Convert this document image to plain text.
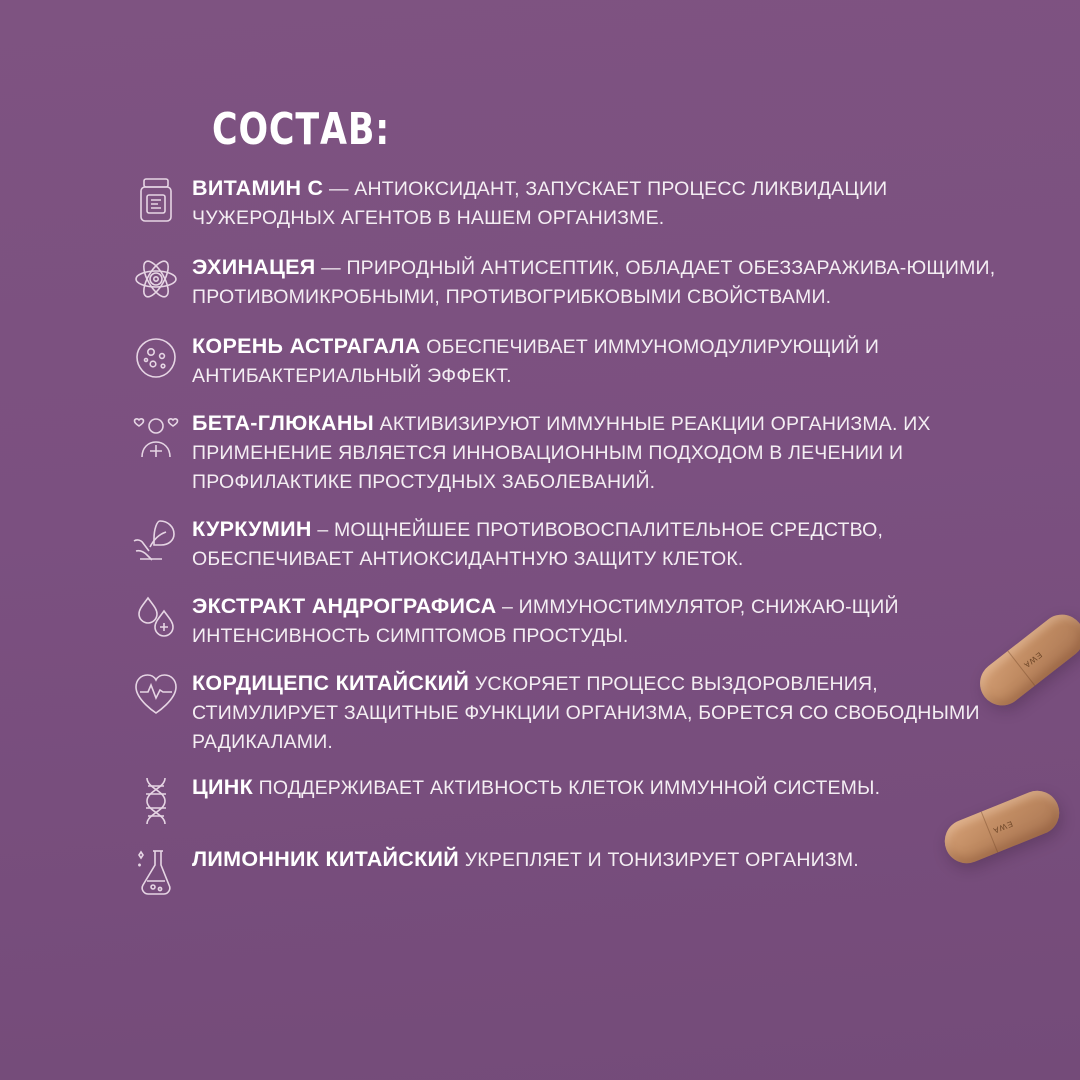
СОСТАВ:
ВИТАМИН С — АНТИОКСИДАНТ, ЗАПУСКАЕТ ПРОЦЕСС ЛИКВИДАЦИИ ЧУЖЕРОДНЫХ АГЕНТОВ В НАШЕМ ОРГАНИЗМЕ.
ЭХИНАЦЕЯ — ПРИРОДНЫЙ АНТИСЕПТИК, ОБЛАДАЕТ ОБЕЗЗАРАЖИВА-ЮЩИМИ, ПРОТИВОМИКРОБНЫМИ, ПРОТИВОГРИБКОВЫМИ СВОЙСТВАМИ.
КОРЕНЬ АСТРАГАЛА ОБЕСПЕЧИВАЕТ ИММУНОМОДУЛИРУЮЩИЙ И АНТИБАКТЕРИАЛЬНЫЙ ЭФФЕКТ.
БЕТА-ГЛЮКАНЫ АКТИВИЗИРУЮТ ИММУННЫЕ РЕАКЦИИ ОРГАНИЗМА. ИХ ПРИМЕНЕНИЕ ЯВЛЯЕТСЯ ИННОВАЦИОННЫМ ПОДХОДОМ В ЛЕЧЕНИИ И ПРОФИЛАКТИКЕ ПРОСТУДНЫХ ЗАБОЛЕВАНИЙ.
КУРКУМИН – МОЩНЕЙШЕЕ ПРОТИВОВОСПАЛИТЕЛЬНОЕ СРЕДСТВО, ОБЕСПЕЧИВАЕТ АНТИОКСИДАНТНУЮ ЗАЩИТУ КЛЕТОК.
ЭКСТРАКТ АНДРОГРАФИСА – ИММУНОСТИМУЛЯТОР, СНИЖАЮ-ЩИЙ ИНТЕНСИВНОСТЬ СИМПТОМОВ ПРОСТУДЫ.
КОРДИЦЕПС КИТАЙСКИЙ УСКОРЯЕТ ПРОЦЕСС ВЫЗДОРОВЛЕНИЯ, СТИМУЛИРУЕТ ЗАЩИТНЫЕ ФУНКЦИИ ОРГАНИЗМА, БОРЕТСЯ СО СВОБОДНЫМИ РАДИКАЛАМИ.
ЦИНК ПОДДЕРЖИВАЕТ АКТИВНОСТЬ КЛЕТОК ИММУННОЙ СИСТЕМЫ.
ЛИМОННИК КИТАЙСКИЙ УКРЕПЛЯЕТ И ТОНИЗИРУЕТ ОРГАНИЗМ.
EWA
EWA
